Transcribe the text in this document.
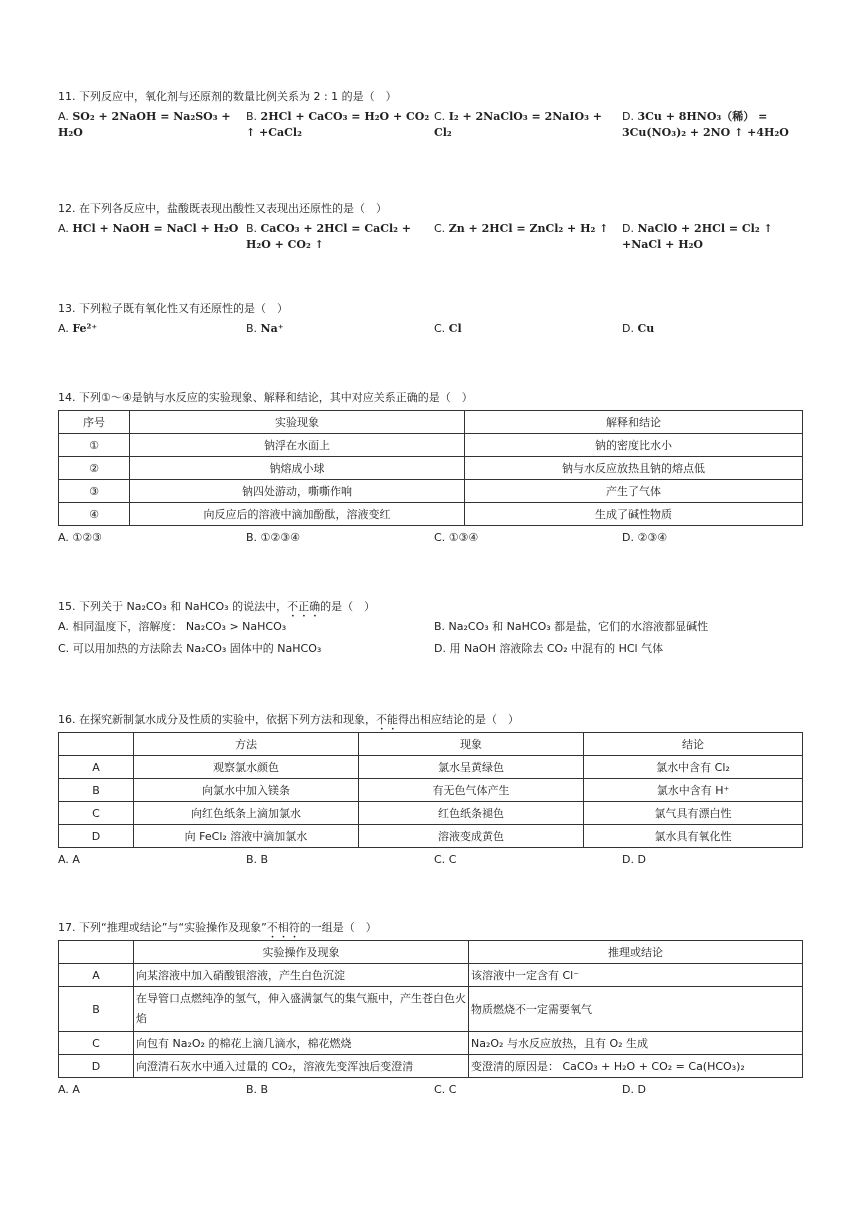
11. 下列反应中，氧化剂与还原剂的数量比例关系为 2 : 1 的是（　）
A. SO₂ + 2NaOH = Na₂SO₃ + H₂O
B. 2HCl + CaCO₃ = H₂O + CO₂ ↑ +CaCl₂
C. I₂ + 2NaClO₃ = 2NaIO₃ + Cl₂
D. 3Cu + 8HNO₃（稀） = 3Cu(NO₃)₂ + 2NO ↑ +4H₂O
12. 在下列各反应中，盐酸既表现出酸性又表现出还原性的是（　）
A. HCl + NaOH = NaCl + H₂O B. CaCO₃ + 2HCl = CaCl₂ + H₂O + CO₂ ↑
C. Zn + 2HCl = ZnCl₂ + H₂ ↑	D. NaClO + 2HCl = Cl₂ ↑ +NaCl + H₂O
13. 下列粒子既有氧化性又有还原性的是（　）
A. Fe²⁺	B. Na⁺	C. Cl	D. Cu
14. 下列①～④是钠与水反应的实验现象、解释和结论，其中对应关系正确的是（　）
序号	实验现象	解释和结论
①	钠浮在水面上	钠的密度比水小
②	钠熔成小球	钠与水反应放热且钠的熔点低
③	钠四处游动，嘶嘶作响	产生了气体
④	向反应后的溶液中滴加酚酞，溶液变红	生成了碱性物质
A. ①②③	B. ①②③④	C. ①③④	D. ②③④
15. 下列关于 Na₂CO₃ 和 NaHCO₃ 的说法中，不正确的是（　）
A. 相同温度下，溶解度： Na₂CO₃ > NaHCO₃	B. Na₂CO₃ 和 NaHCO₃ 都是盐，它们的水溶液都显碱性
C. 可以用加热的方法除去 Na₂CO₃ 固体中的 NaHCO₃	D. 用 NaOH 溶液除去 CO₂ 中混有的 HCl 气体
16. 在探究新制氯水成分及性质的实验中，依据下列方法和现象，不能得出相应结论的是（　）
	方法	现象	结论
A	观察氯水颜色	氯水呈黄绿色	氯水中含有 Cl₂
B	向氯水中加入镁条	有无色气体产生	氯水中含有 H⁺
C	向红色纸条上滴加氯水	红色纸条褪色	氯气具有漂白性
D	向 FeCl₂ 溶液中滴加氯水	溶液变成黄色	氯水具有氧化性
A. A	B. B	C. C	D. D
17. 下列“推理或结论”与“实验操作及现象”不相符的一组是（　）
	实验操作及现象	推理或结论
A	向某溶液中加入硝酸银溶液，产生白色沉淀	该溶液中一定含有 Cl⁻
B	在导管口点燃纯净的氢气，伸入盛满氯气的集气瓶中，产生苍白色火焰	物质燃烧不一定需要氧气
C	向包有 Na₂O₂ 的棉花上滴几滴水，棉花燃烧	Na₂O₂ 与水反应放热，且有 O₂ 生成
D	向澄清石灰水中通入过量的 CO₂，溶液先变浑浊后变澄清	变澄清的原因是： CaCO₃ + H₂O + CO₂ = Ca(HCO₃)₂
A. A	B. B	C. C	D. D
